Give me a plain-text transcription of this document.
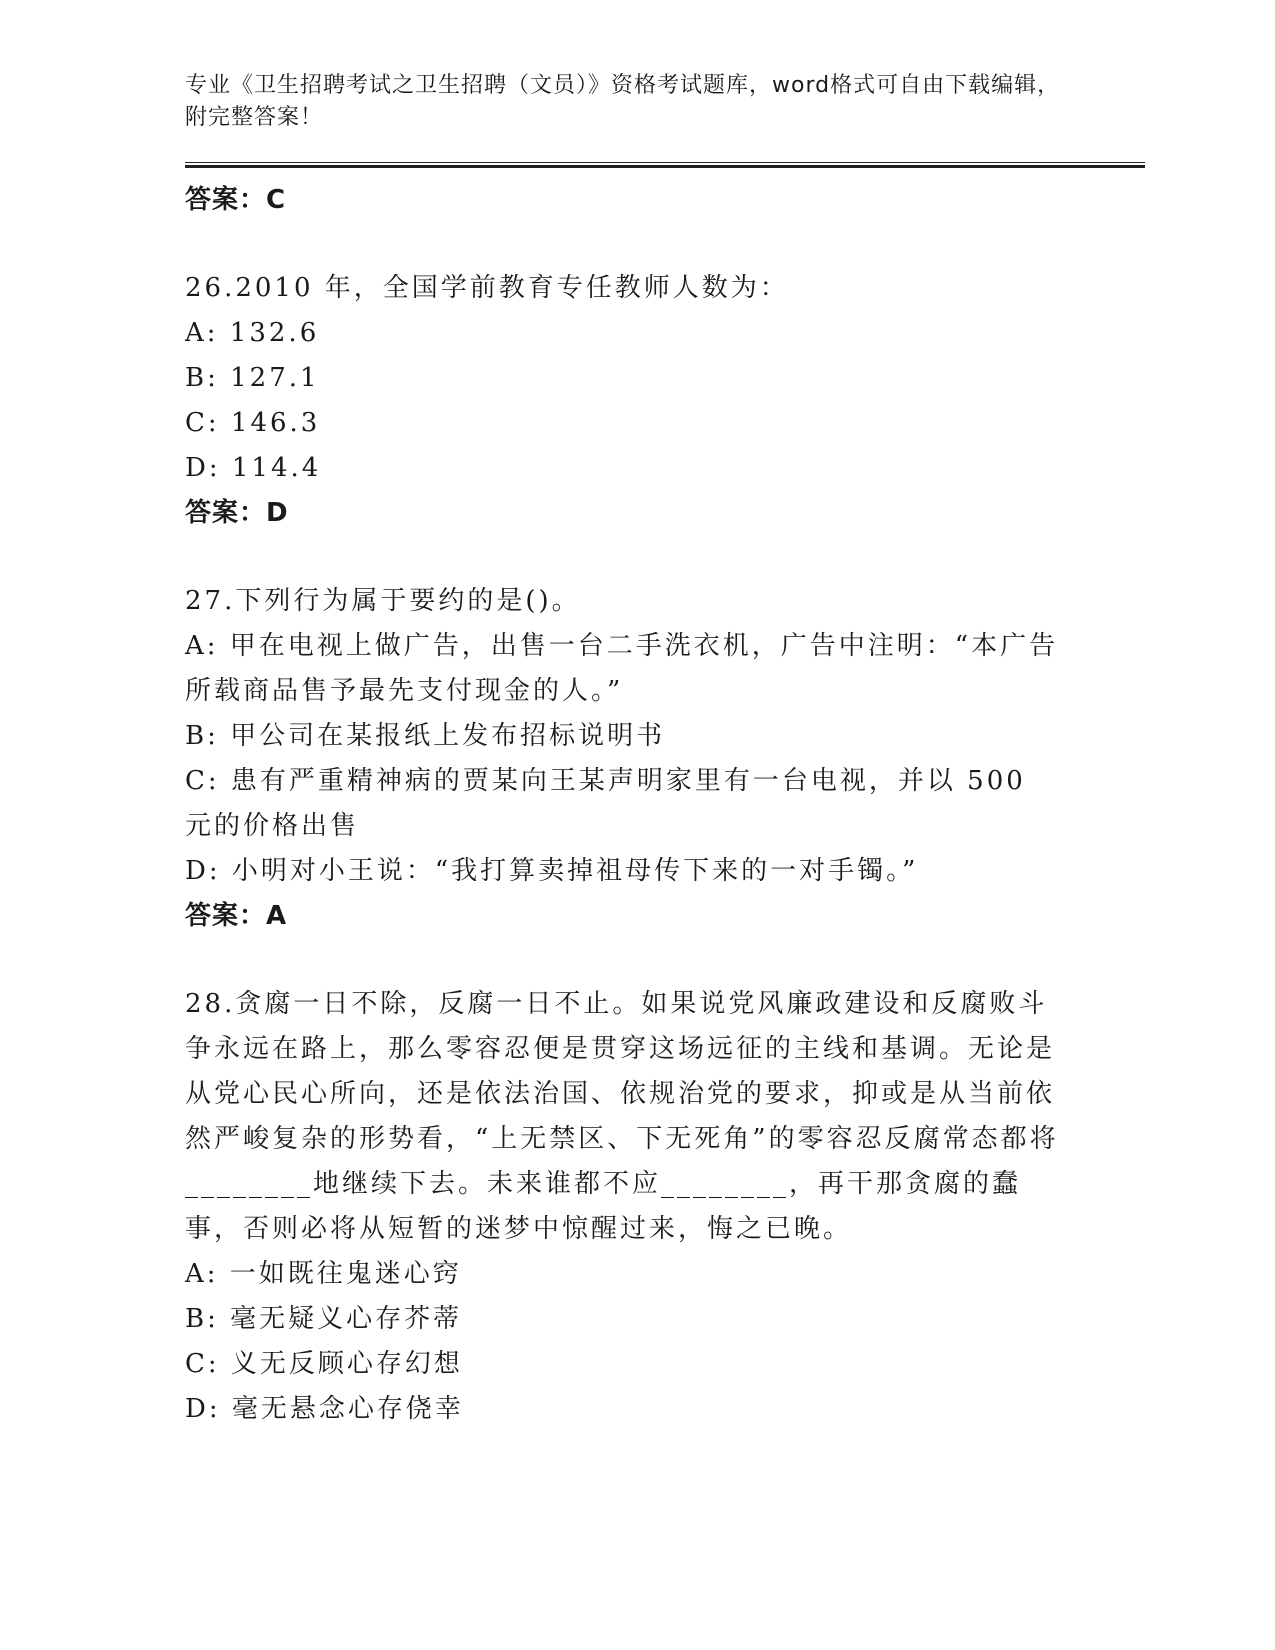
专业《卫生招聘考试之卫生招聘（文员）》资格考试题库，word格式可自由下载编辑，附完整答案！

答案：C

26.2010 年，全国学前教育专任教师人数为：

A: 132.6

B: 127.1

C: 146.3

D: 114.4

答案：D

27.下列行为属于要约的是()。

A: 甲在电视上做广告，出售一台二手洗衣机，广告中注明：“本广告所载商品售予最先支付现金的人。”

B: 甲公司在某报纸上发布招标说明书

C: 患有严重精神病的贾某向王某声明家里有一台电视，并以 500 元的价格出售

D: 小明对小王说：“我打算卖掉祖母传下来的一对手镯。”

答案：A

28.贪腐一日不除，反腐一日不止。如果说党风廉政建设和反腐败斗争永远在路上，那么零容忍便是贯穿这场远征的主线和基调。无论是从党心民心所向，还是依法治国、依规治党的要求，抑或是从当前依然严峻复杂的形势看，“上无禁区、下无死角”的零容忍反腐常态都将________地继续下去。未来谁都不应________，再干那贪腐的蠢事，否则必将从短暂的迷梦中惊醒过来，悔之已晚。

A: 一如既往鬼迷心窍

B: 毫无疑义心存芥蒂

C: 义无反顾心存幻想

D: 毫无悬念心存侥幸
